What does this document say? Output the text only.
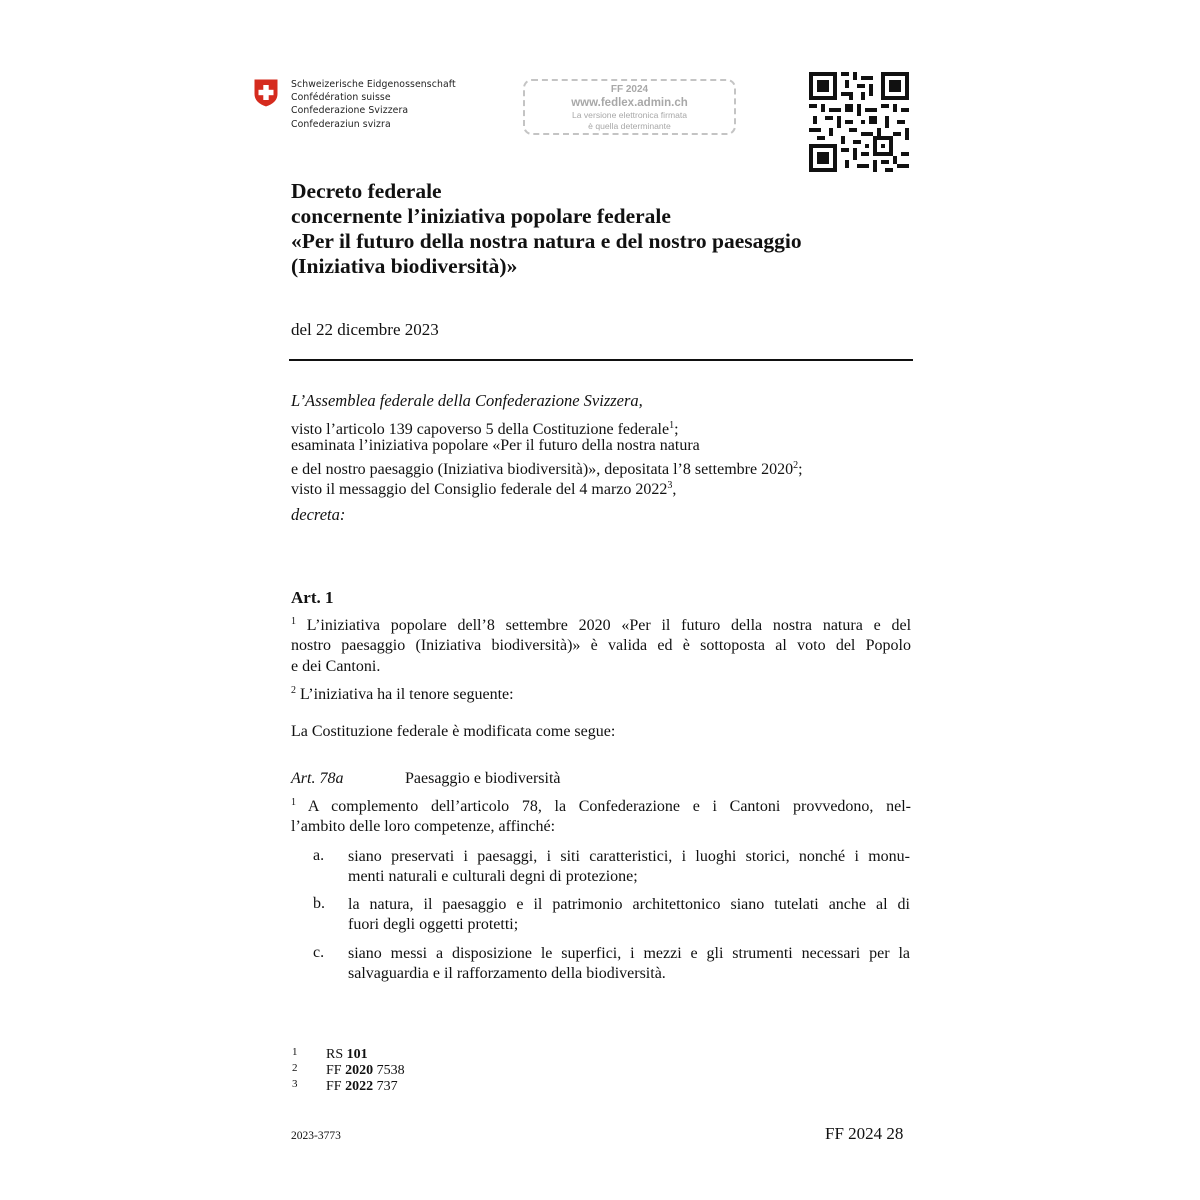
Schweizerische Eidgenossenschaft
Confédération suisse
Confederazione Svizzera
Confederaziun svizra
FF 2024
www.fedlex.admin.ch
La versione elettronica firmata
è quella determinante
Decreto federale
concernente l’iniziativa popolare federale
«Per il futuro della nostra natura e del nostro paesaggio
(Iniziativa biodiversità)»
del 22 dicembre 2023
L’Assemblea federale della Confederazione Svizzera,
visto l’articolo 139 capoverso 5 della Costituzione federale$^1$;
esaminata l’iniziativa popolare «Per il futuro della nostra natura
e del nostro paesaggio (Iniziativa biodiversità)», depositata l’8 settembre 2020$^2$;
visto il messaggio del Consiglio federale del 4 marzo 2022$^3$,
decreta:
Art. 1
$^1$ L’iniziativa popolare dell’8 settembre 2020 «Per il futuro della nostra natura e del
nostro paesaggio (Iniziativa biodiversità)» è valida ed è sottoposta al voto del Popolo
e dei Cantoni.
$^2$ L’iniziativa ha il tenore seguente:
La Costituzione federale è modificata come segue:
Art. 78a	Paesaggio e biodiversità
$^1$ A complemento dell’articolo 78, la Confederazione e i Cantoni provvedono, nel-
l’ambito delle loro competenze, affinché:
a. siano preservati i paesaggi, i siti caratteristici, i luoghi storici, nonché i monu-
menti naturali e culturali degni di protezione;
b. la natura, il paesaggio e il patrimonio architettonico siano tutelati anche al di
fuori degli oggetti protetti;
c. siano messi a disposizione le superfici, i mezzi e gli strumenti necessari per la
salvaguardia e il rafforzamento della biodiversità.
1 RS 101
2 FF 2020 7538
3 FF 2022 737
2023-3773	FF 2024 28
